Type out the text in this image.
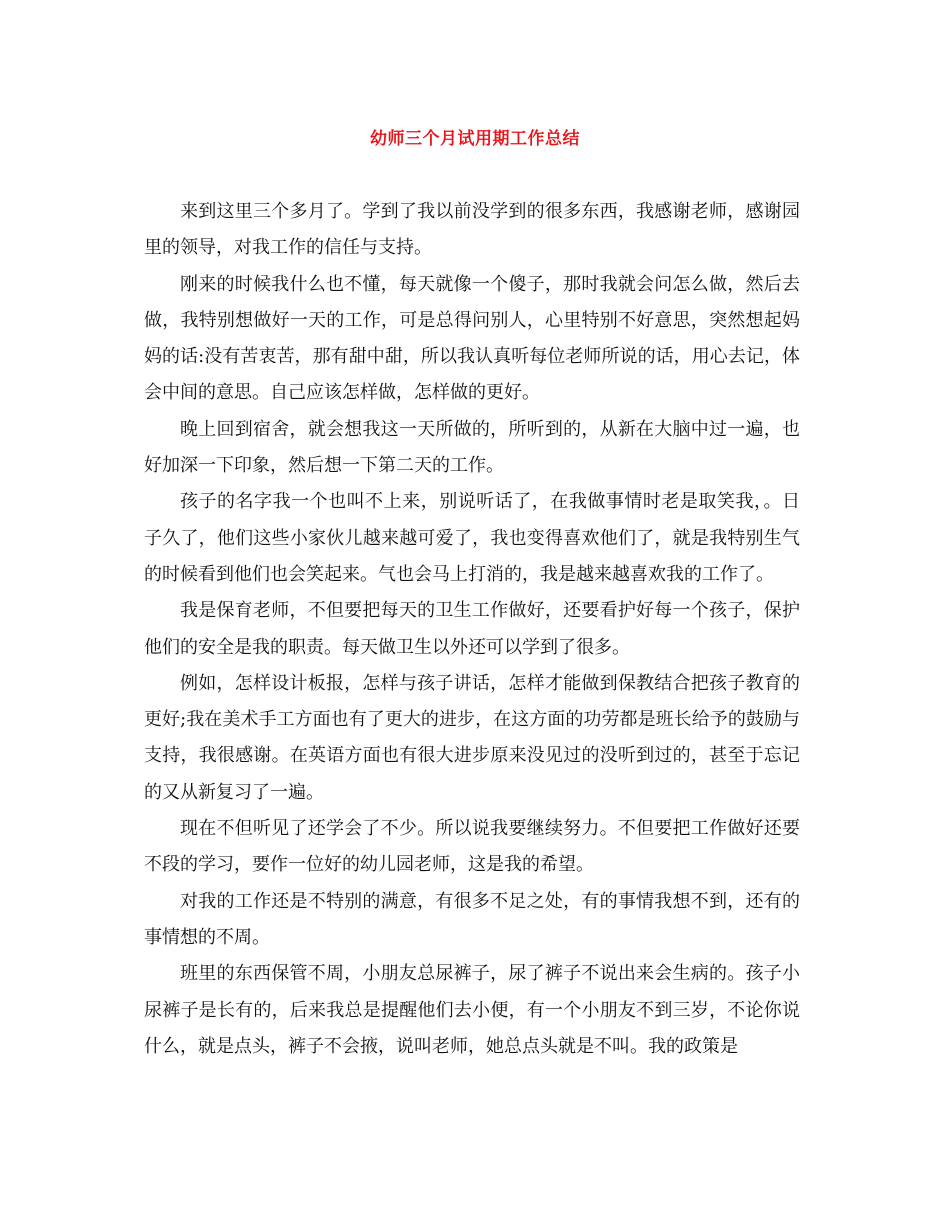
幼师三个月试用期工作总结

来到这里三个多月了。学到了我以前没学到的很多东西，我感谢老师，感谢园里的领导，对我工作的信任与支持。

刚来的时候我什么也不懂，每天就像一个傻子，那时我就会问怎么做，然后去做，我特别想做好一天的工作，可是总得问别人，心里特别不好意思，突然想起妈妈的话:没有苦衷苦，那有甜中甜，所以我认真听每位老师所说的话，用心去记，体会中间的意思。自己应该怎样做，怎样做的更好。

晚上回到宿舍，就会想我这一天所做的，所听到的，从新在大脑中过一遍，也好加深一下印象，然后想一下第二天的工作。

孩子的名字我一个也叫不上来，别说听话了，在我做事情时老是取笑我，。日子久了，他们这些小家伙儿越来越可爱了，我也变得喜欢他们了，就是我特别生气的时候看到他们也会笑起来。气也会马上打消的，我是越来越喜欢我的工作了。

我是保育老师，不但要把每天的卫生工作做好，还要看护好每一个孩子，保护他们的安全是我的职责。每天做卫生以外还可以学到了很多。

例如，怎样设计板报，怎样与孩子讲话，怎样才能做到保教结合把孩子教育的更好;我在美术手工方面也有了更大的进步，在这方面的功劳都是班长给予的鼓励与支持，我很感谢。在英语方面也有很大进步原来没见过的没听到过的，甚至于忘记的又从新复习了一遍。

现在不但听见了还学会了不少。所以说我要继续努力。不但要把工作做好还要不段的学习，要作一位好的幼儿园老师，这是我的希望。

对我的工作还是不特别的满意，有很多不足之处，有的事情我想不到，还有的事情想的不周。

班里的东西保管不周，小朋友总尿裤子，尿了裤子不说出来会生病的。孩子小尿裤子是长有的，后来我总是提醒他们去小便，有一个小朋友不到三岁，不论你说什么，就是点头，裤子不会掖，说叫老师，她总点头就是不叫。我的政策是
